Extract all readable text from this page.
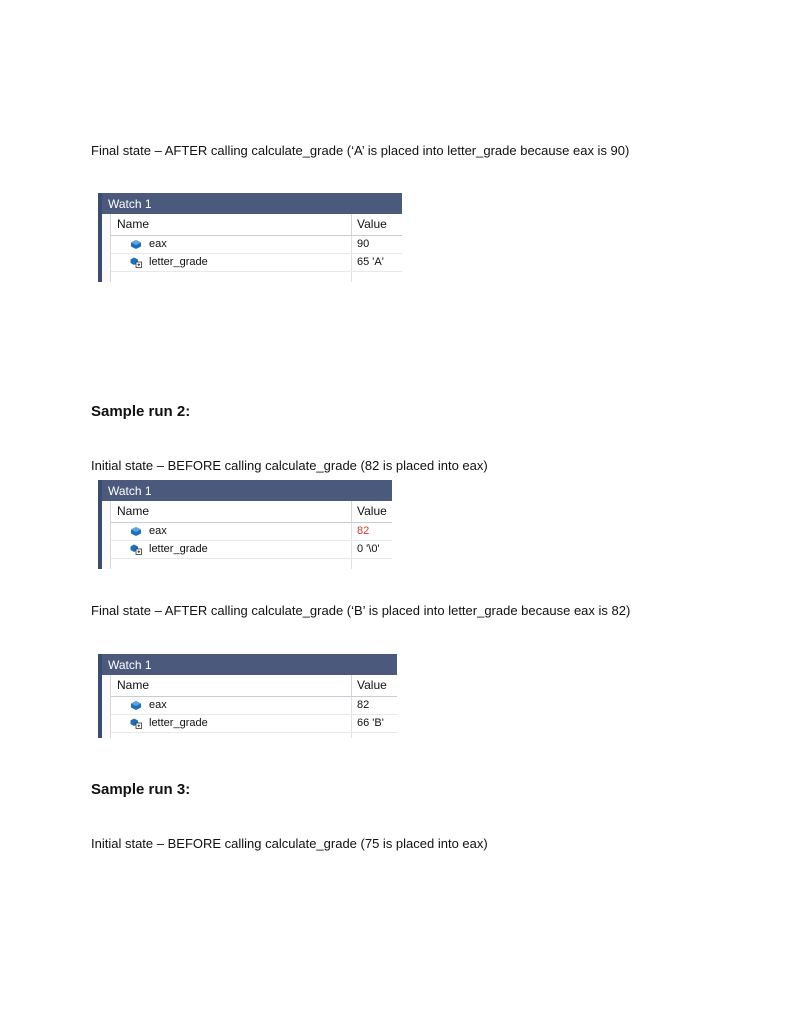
Final state – AFTER calling calculate_grade (‘A’ is placed into letter_grade because eax is 90)
Watch 1
Name	Value
eax	90
letter_grade	65 'A'
Sample run 2:
Initial state – BEFORE calling calculate_grade (82 is placed into eax)
Watch 1
Name	Value
eax	82
letter_grade	0 '\0'
Final state – AFTER calling calculate_grade (‘B’ is placed into letter_grade because eax is 82)
Watch 1
Name	Value
eax	82
letter_grade	66 'B'
Sample run 3:
Initial state – BEFORE calling calculate_grade (75 is placed into eax)
